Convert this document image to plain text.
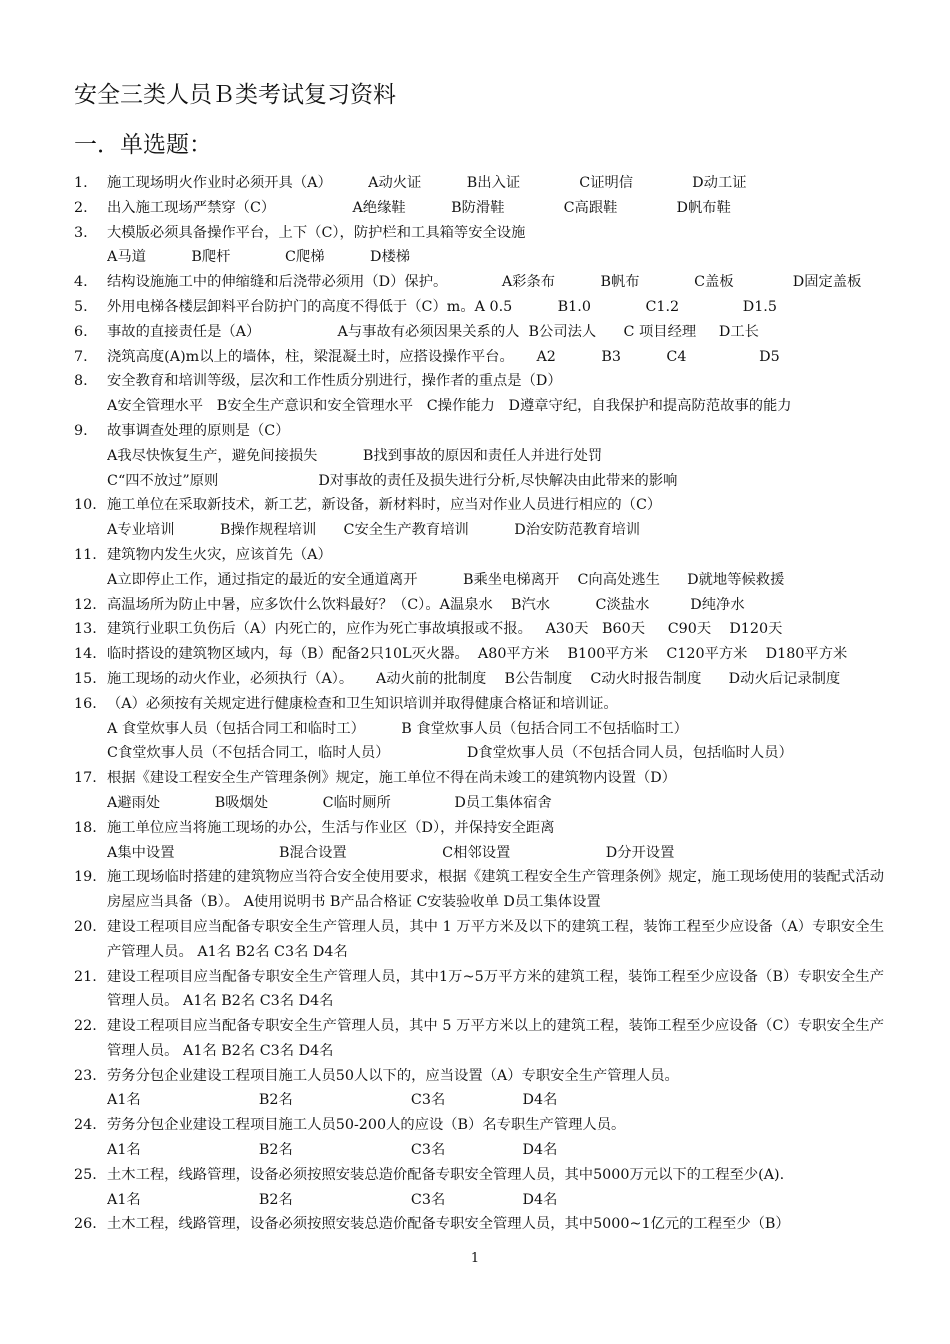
安全三类人员Ｂ类考试复习资料
一．单选题：
1. 施工现场明火作业时必须开具（A）        A动火证          B出入证             C证明信             D动工证
2. 出入施工现场严禁穿（C）                 A绝缘鞋          B防滑鞋             C高跟鞋             D帆布鞋
3. 大模版必须具备操作平台，上下（C），防护栏和工具箱等安全设施
A马道          B爬杆            C爬梯          D楼梯
4. 结构设施施工中的伸缩缝和后浇带必须用（D）保护。            A彩条布          B帆布            C盖板             D固定盖板
5. 外用电梯各楼层卸料平台防护门的高度不得低于（C）m。A 0.5          B1.0            C1.2              D1.5
6. 事故的直接责任是（A）                 A与事故有必须因果关系的人  B公司法人      C 项目经理     D工长
7. 浇筑高度(A)m以上的墙体，柱，梁混凝土时，应搭设操作平台。     A2          B3          C4                D5
8. 安全教育和培训等级，层次和工作性质分别进行，操作者的重点是（D）
A安全管理水平   B安全生产意识和安全管理水平   C操作能力   D遵章守纪，自我保护和提高防范故事的能力
9. 故事调查处理的原则是（C）
A我尽快恢复生产，避免间接损失          B找到事故的原因和责任人并进行处罚
C“四不放过”原则                      D对事故的责任及损失进行分析,尽快解决由此带来的影响
10. 施工单位在采取新技术，新工艺，新设备，新材料时，应当对作业人员进行相应的（C）
A专业培训          B操作规程培训      C安全生产教育培训          D治安防范教育培训
11. 建筑物内发生火灾，应该首先（A）
A立即停止工作，通过指定的最近的安全通道离开          B乘坐电梯离开    C向高处逃生      D就地等候救援
12. 高温场所为防止中暑，应多饮什么饮料最好？（C）。A温泉水    B汽水          C淡盐水         D纯净水
13. 建筑行业职工负伤后（A）内死亡的，应作为死亡事故填报或不报。   A30天   B60天     C90天    D120天
14. 临时搭设的建筑物区域内，每（B）配备2只10L灭火器。  A80平方米    B100平方米    C120平方米    D180平方米
15. 施工现场的动火作业，必须执行（A）。     A动火前的批制度    B公告制度    C动火时报告制度      D动火后记录制度
16. （A）必须按有关规定进行健康检查和卫生知识培训并取得健康合格证和培训证。
A 食堂炊事人员（包括合同工和临时工）        B 食堂炊事人员（包括合同工不包括临时工）
C食堂炊事人员（不包括合同工，临时人员）                 D食堂炊事人员（不包括合同人员，包括临时人员）
17. 根据《建设工程安全生产管理条例》规定，施工单位不得在尚未竣工的建筑物内设置（D）
A避雨处            B吸烟处            C临时厕所              D员工集体宿舍
18. 施工单位应当将施工现场的办公，生活与作业区（D），并保持安全距离
A集中设置                       B混合设置                     C相邻设置                     D分开设置
19. 施工现场临时搭建的建筑物应当符合安全使用要求，根据《建筑工程安全生产管理条例》规定，施工现场使用的装配式活动房屋应当具备（B）。 A使用说明书 B产品合格证 C安装验收单 D员工集体设置
20. 建设工程项目应当配备专职安全生产管理人员，其中 1 万平方米及以下的建筑工程，装饰工程至少应设备（A）专职安全生产管理人员。 A1名 B2名 C3名 D4名
21. 建设工程项目应当配备专职安全生产管理人员，其中1万~5万平方米的建筑工程，装饰工程至少应设备（B）专职安全生产管理人员。 A1名 B2名 C3名 D4名
22. 建设工程项目应当配备专职安全生产管理人员，其中 5 万平方米以上的建筑工程，装饰工程至少应设备（C）专职安全生产管理人员。 A1名 B2名 C3名 D4名
23. 劳务分包企业建设工程项目施工人员50人以下的，应当设置（A）专职安全生产管理人员。
A1名                          B2名                          C3名                 D4名
24. 劳务分包企业建设工程项目施工人员50-200人的应设（B）名专职生产管理人员。
A1名                          B2名                          C3名                 D4名
25. 土木工程，线路管理，设备必须按照安装总造价配备专职安全管理人员，其中5000万元以下的工程至少(A).
A1名                          B2名                          C3名                 D4名
26. 土木工程，线路管理，设备必须按照安装总造价配备专职安全管理人员，其中5000~1亿元的工程至少（B）
1
